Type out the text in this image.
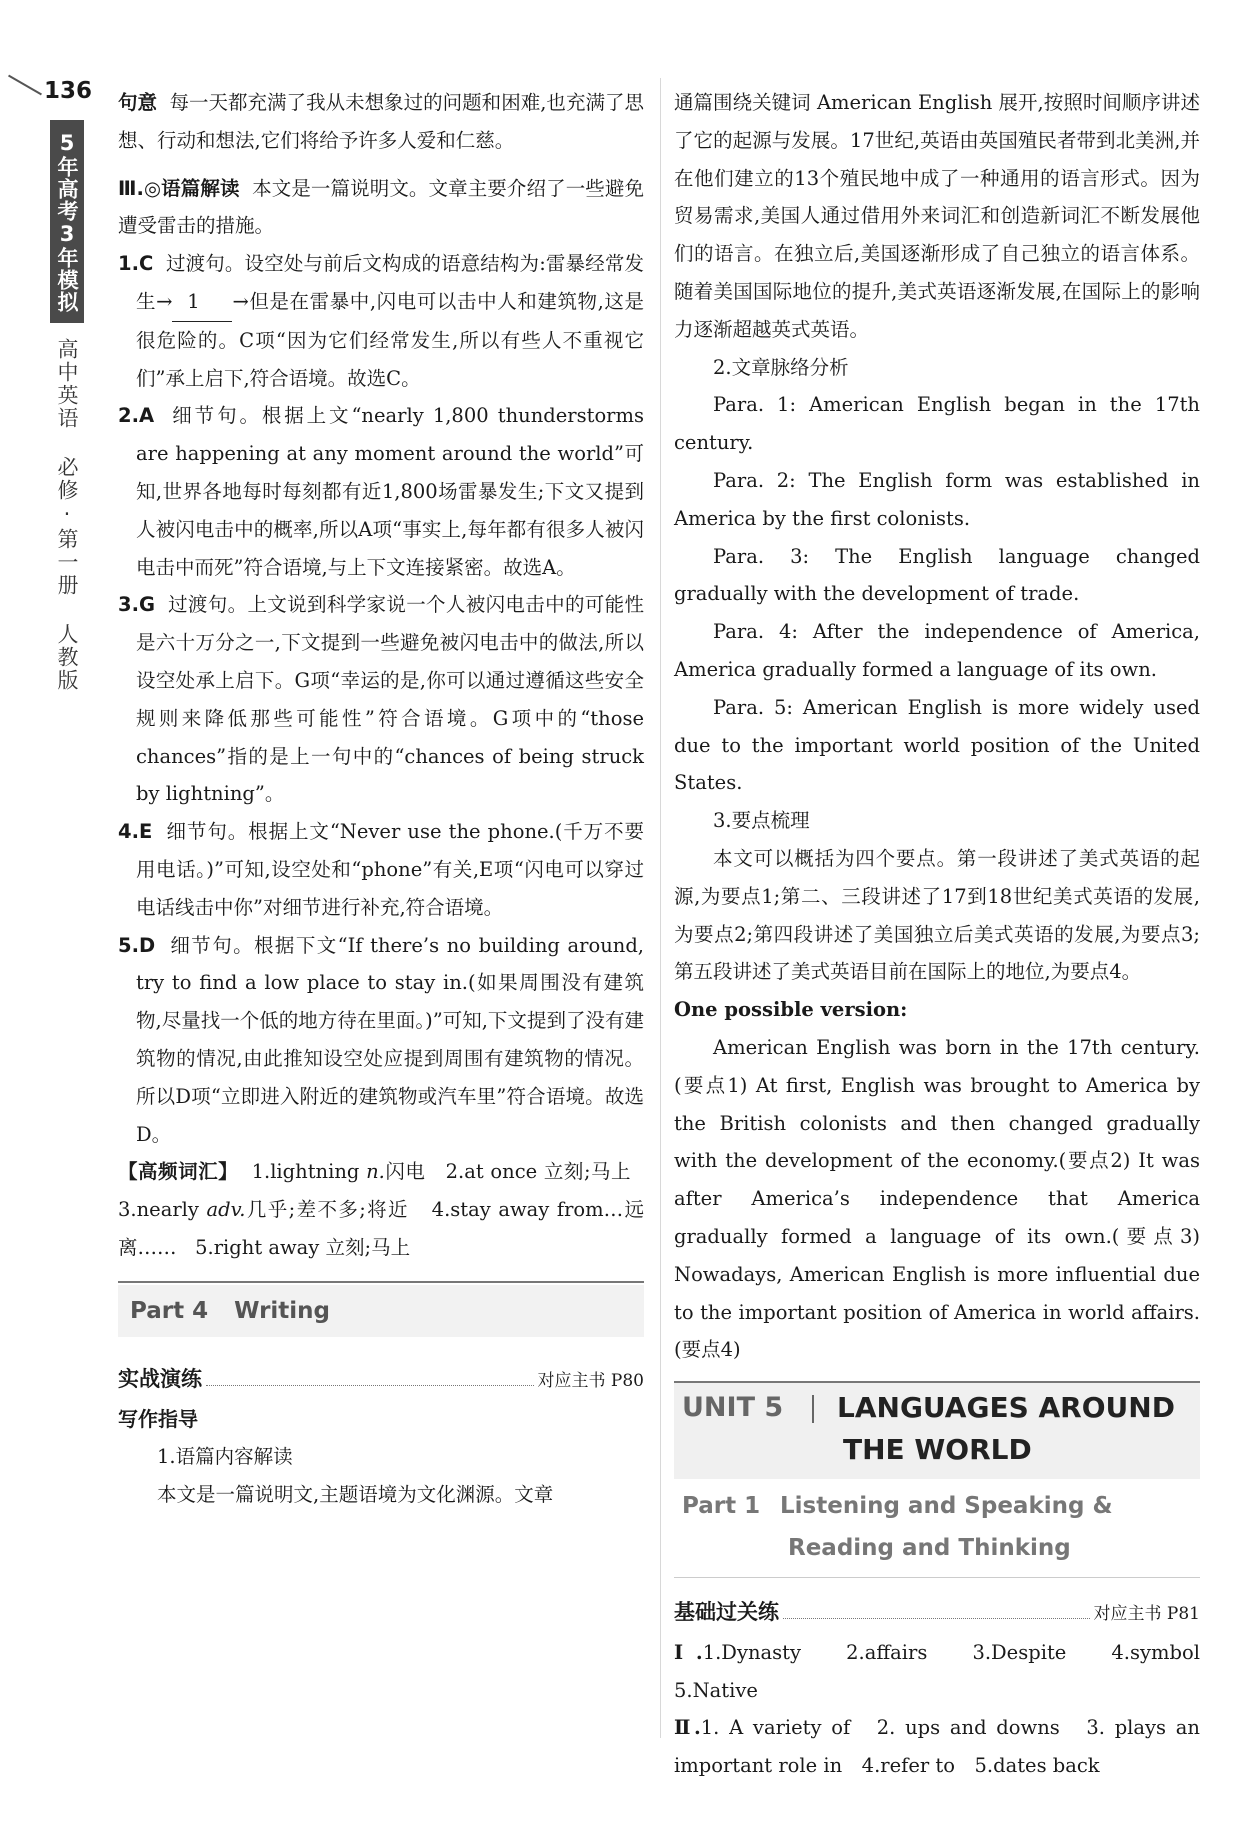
136
5年高考3年模拟
高中英语 必修·第一册 人教版

句意 每一天都充满了我从未想象过的问题和困难,也充满了思想、行动和想法,它们将给予许多人爱和仁慈。

Ⅲ.◎语篇解读 本文是一篇说明文。文章主要介绍了一些避免遭受雷击的措施。

1.C 过渡句。设空处与前后文构成的语意结构为:雷暴经常发生→ 1 →但是在雷暴中,闪电可以击中人和建筑物,这是很危险的。C项“因为它们经常发生,所以有些人不重视它们”承上启下,符合语境。故选C。

2.A 细节句。根据上文“nearly 1,800 thunderstorms are happening at any moment around the world”可知,世界各地每时每刻都有近1,800场雷暴发生;下文又提到人被闪电击中的概率,所以A项“事实上,每年都有很多人被闪电击中而死”符合语境,与上下文连接紧密。故选A。

3.G 过渡句。上文说到科学家说一个人被闪电击中的可能性是六十万分之一,下文提到一些避免被闪电击中的做法,所以设空处承上启下。G项“幸运的是,你可以通过遵循这些安全规则来降低那些可能性”符合语境。G项中的“those chances”指的是上一句中的“chances of being struck by lightning”。

4.E 细节句。根据上文“Never use the phone.(千万不要用电话。)”可知,设空处和“phone”有关,E项“闪电可以穿过电话线击中你”对细节进行补充,符合语境。

5.D 细节句。根据下文“If there’s no building around, try to find a low place to stay in.(如果周围没有建筑物,尽量找一个低的地方待在里面。)”可知,下文提到了没有建筑物的情况,由此推知设空处应提到周围有建筑物的情况。所以D项“立即进入附近的建筑物或汽车里”符合语境。故选D。

【高频词汇】 1.lightning n.闪电 2.at once 立刻;马上   3.nearly adv.几乎;差不多;将近 4.stay away from…远离…… 5.right away 立刻;马上

Part 4 Writing
实战演练	对应主书 P80

写作指导

1.语篇内容解读

本文是一篇说明文,主题语境为文化渊源。文章

通篇围绕关键词 American English 展开,按照时间顺序讲述了它的起源与发展。17世纪,英语由英国殖民者带到北美洲,并在他们建立的13个殖民地中成了一种通用的语言形式。因为贸易需求,美国人通过借用外来词汇和创造新词汇不断发展他们的语言。在独立后,美国逐渐形成了自己独立的语言体系。随着美国国际地位的提升,美式英语逐渐发展,在国际上的影响力逐渐超越英式英语。

2.文章脉络分析

Para. 1: American English began in the 17th century.

Para. 2: The English form was established in America by the first colonists.

Para. 3: The English language changed gradually with the development of trade.

Para. 4: After the independence of America, America gradually formed a language of its own.

Para. 5: American English is more widely used due to the important world position of the United States.

3.要点梳理

本文可以概括为四个要点。第一段讲述了美式英语的起源,为要点1;第二、三段讲述了17到18世纪美式英语的发展,为要点2;第四段讲述了美国独立后美式英语的发展,为要点3;第五段讲述了美式英语目前在国际上的地位,为要点4。

One possible version:

American English was born in the 17th century.(要点1) At first, English was brought to America by the British colonists and then changed gradually with the development of the economy.(要点2) It was after America’s independence that America gradually formed a language of its own.(要点3) Nowadays, American English is more influential due to the important position of America in world affairs.(要点4)

UNIT 5 LANGUAGES AROUND
THE WORLD
Part 1 Listening and Speaking &
Reading and Thinking
基础过关练	对应主书 P81

Ⅰ.1.Dynasty　2.affairs　3.Despite　4.symbol　5.Native

Ⅱ.1. A variety of　2. ups and downs　3. plays an important role in　4.refer to　5.dates back
